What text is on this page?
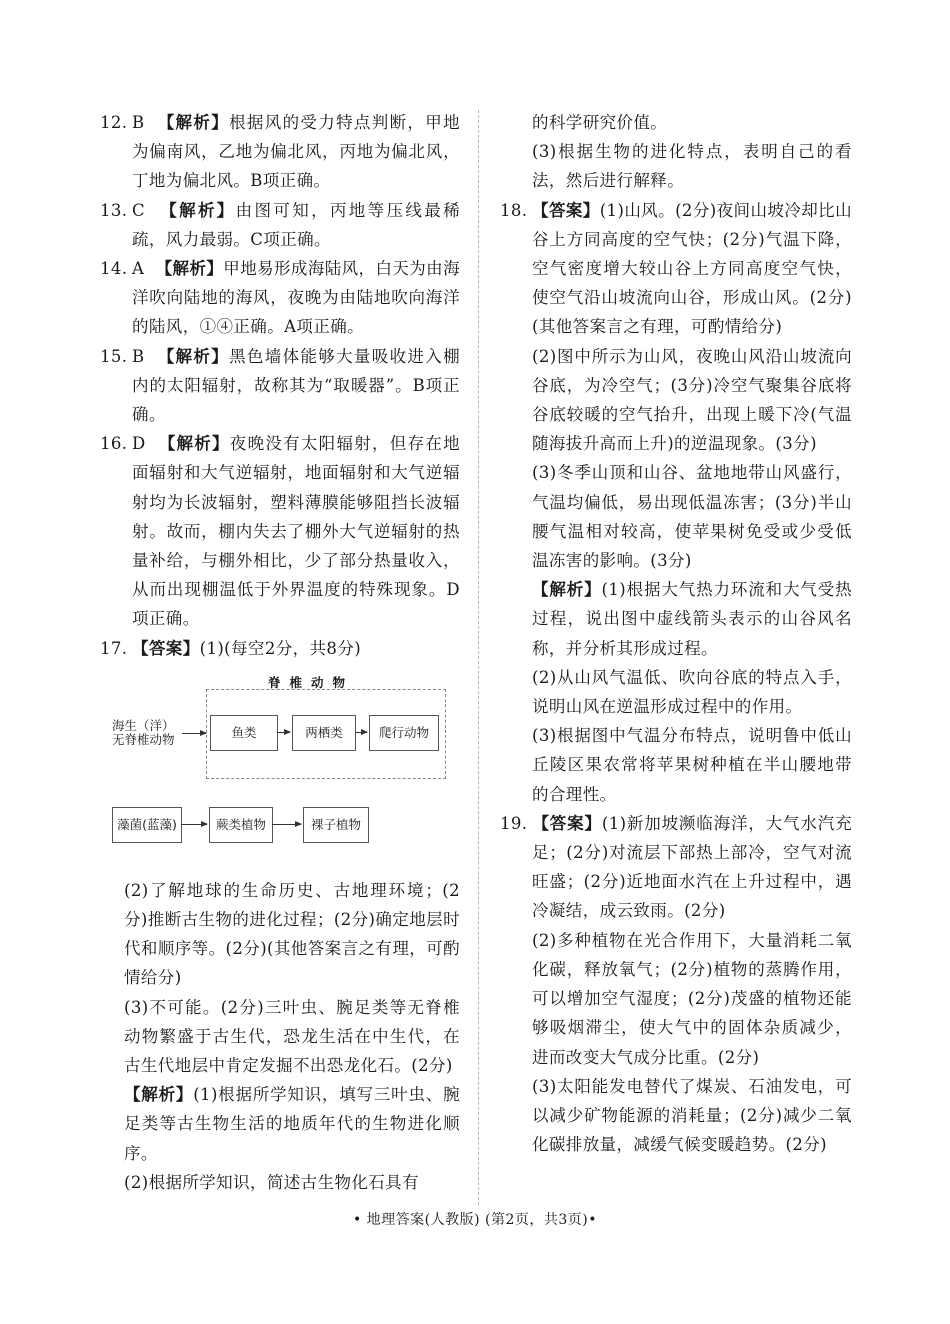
12. B 【解析】根据风的受力特点判断，甲地为偏南风，乙地为偏北风，丙地为偏北风，丁地为偏北风。B项正确。

13. C 【解析】由图可知，丙地等压线最稀疏，风力最弱。C项正确。

14. A 【解析】甲地易形成海陆风，白天为由海洋吹向陆地的海风，夜晚为由陆地吹向海洋的陆风，①④正确。A项正确。

15. B 【解析】黑色墙体能够大量吸收进入棚内的太阳辐射，故称其为“取暖器”。B项正确。

16. D 【解析】夜晚没有太阳辐射，但存在地面辐射和大气逆辐射，地面辐射和大气逆辐射均为长波辐射，塑料薄膜能够阻挡长波辐射。故而，棚内失去了棚外大气逆辐射的热量补给，与棚外相比，少了部分热量收入，从而出现棚温低于外界温度的特殊现象。D项正确。

17. 【答案】(1)(每空2分，共8分)

脊椎动物
海生（洋）无脊椎动物	鱼类	两栖类	爬行动物
藻菌(蓝藻)	蕨类植物	裸子植物

(2)了解地球的生命历史、古地理环境；(2分)推断古生物的进化过程；(2分)确定地层时代和顺序等。(2分)(其他答案言之有理，可酌情给分)

(3)不可能。(2分)三叶虫、腕足类等无脊椎动物繁盛于古生代，恐龙生活在中生代，在古生代地层中肯定发掘不出恐龙化石。(2分)

【解析】(1)根据所学知识，填写三叶虫、腕足类等古生物生活的地质年代的生物进化顺序。

(2)根据所学知识，简述古生物化石具有

的科学研究价值。

(3)根据生物的进化特点，表明自己的看法，然后进行解释。

18. 【答案】(1)山风。(2分)夜间山坡冷却比山谷上方同高度的空气快；(2分)气温下降，空气密度增大较山谷上方同高度空气快，使空气沿山坡流向山谷，形成山风。(2分)(其他答案言之有理，可酌情给分)

(2)图中所示为山风，夜晚山风沿山坡流向谷底，为冷空气；(3分)冷空气聚集谷底将谷底较暖的空气抬升，出现上暖下冷(气温随海拔升高而上升)的逆温现象。(3分)

(3)冬季山顶和山谷、盆地地带山风盛行，气温均偏低，易出现低温冻害；(3分)半山腰气温相对较高，使苹果树免受或少受低温冻害的影响。(3分)

【解析】(1)根据大气热力环流和大气受热过程，说出图中虚线箭头表示的山谷风名称，并分析其形成过程。

(2)从山风气温低、吹向谷底的特点入手，说明山风在逆温形成过程中的作用。

(3)根据图中气温分布特点，说明鲁中低山丘陵区果农常将苹果树种植在半山腰地带的合理性。

19. 【答案】(1)新加坡濒临海洋，大气水汽充足；(2分)对流层下部热上部冷，空气对流旺盛；(2分)近地面水汽在上升过程中，遇冷凝结，成云致雨。(2分)

(2)多种植物在光合作用下，大量消耗二氧化碳，释放氧气；(2分)植物的蒸腾作用，可以增加空气湿度；(2分)茂盛的植物还能够吸烟滞尘，使大气中的固体杂质减少，进而改变大气成分比重。(2分)

(3)太阳能发电替代了煤炭、石油发电，可以减少矿物能源的消耗量；(2分)减少二氧化碳排放量，减缓气候变暖趋势。(2分)

• 地理答案(人教版) (第2页，共3页)•
